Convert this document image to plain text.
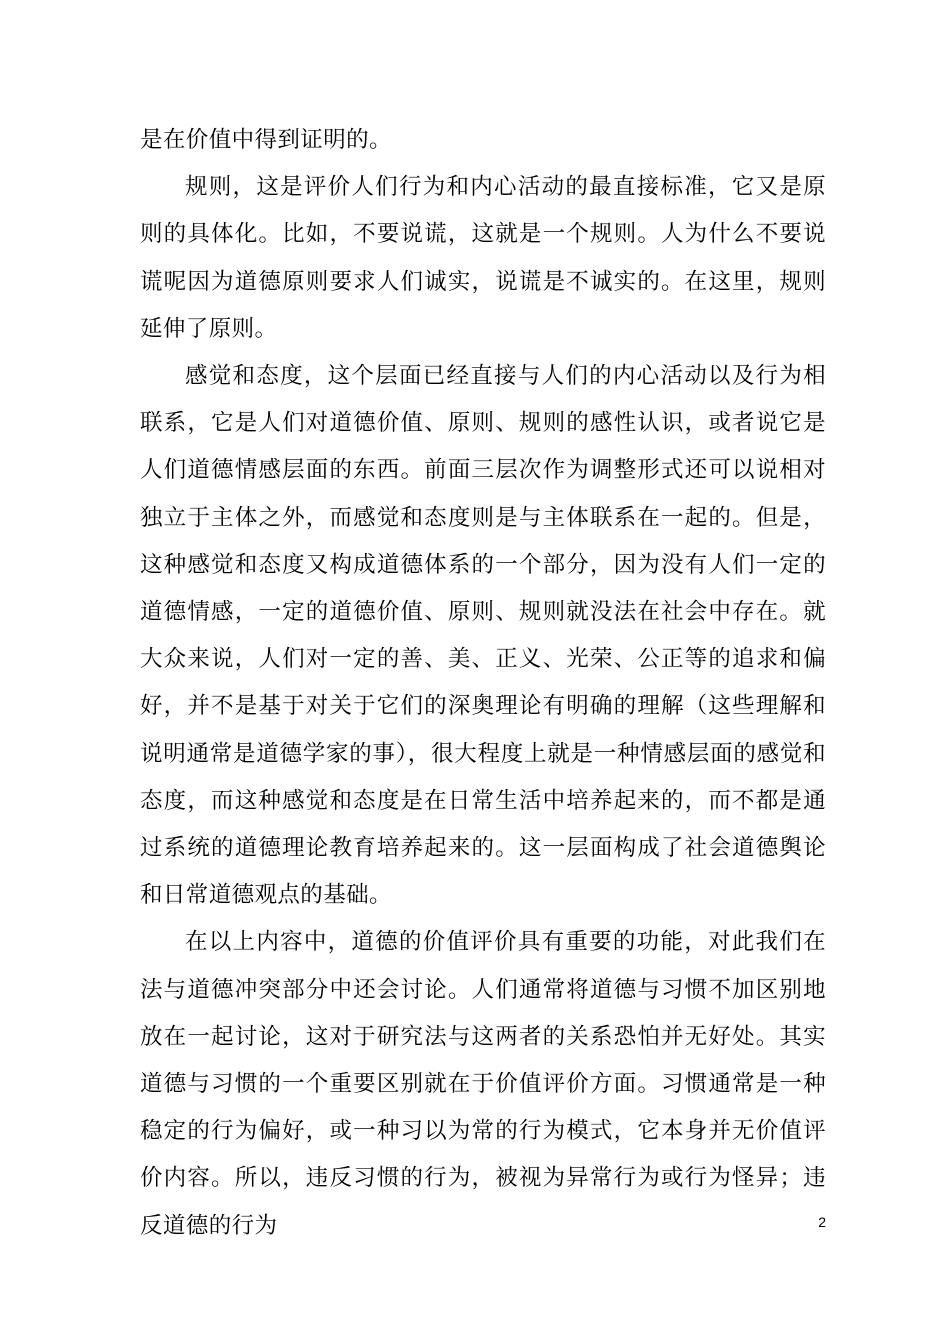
是在价值中得到证明的。

规则，这是评价人们行为和内心活动的最直接标准，它又是原则的具体化。比如，不要说谎，这就是一个规则。人为什么不要说谎呢因为道德原则要求人们诚实，说谎是不诚实的。在这里，规则延伸了原则。

感觉和态度，这个层面已经直接与人们的内心活动以及行为相联系，它是人们对道德价值、原则、规则的感性认识，或者说它是人们道德情感层面的东西。前面三层次作为调整形式还可以说相对独立于主体之外，而感觉和态度则是与主体联系在一起的。但是，这种感觉和态度又构成道德体系的一个部分，因为没有人们一定的道德情感，一定的道德价值、原则、规则就没法在社会中存在。就大众来说，人们对一定的善、美、正义、光荣、公正等的追求和偏好，并不是基于对关于它们的深奥理论有明确的理解（这些理解和说明通常是道德学家的事），很大程度上就是一种情感层面的感觉和态度，而这种感觉和态度是在日常生活中培养起来的，而不都是通过系统的道德理论教育培养起来的。这一层面构成了社会道德舆论和日常道德观点的基础。

在以上内容中，道德的价值评价具有重要的功能，对此我们在法与道德冲突部分中还会讨论。人们通常将道德与习惯不加区别地放在一起讨论，这对于研究法与这两者的关系恐怕并无好处。其实道德与习惯的一个重要区别就在于价值评价方面。习惯通常是一种稳定的行为偏好，或一种习以为常的行为模式，它本身并无价值评价内容。所以，违反习惯的行为，被视为异常行为或行为怪异；违反道德的行为	2
